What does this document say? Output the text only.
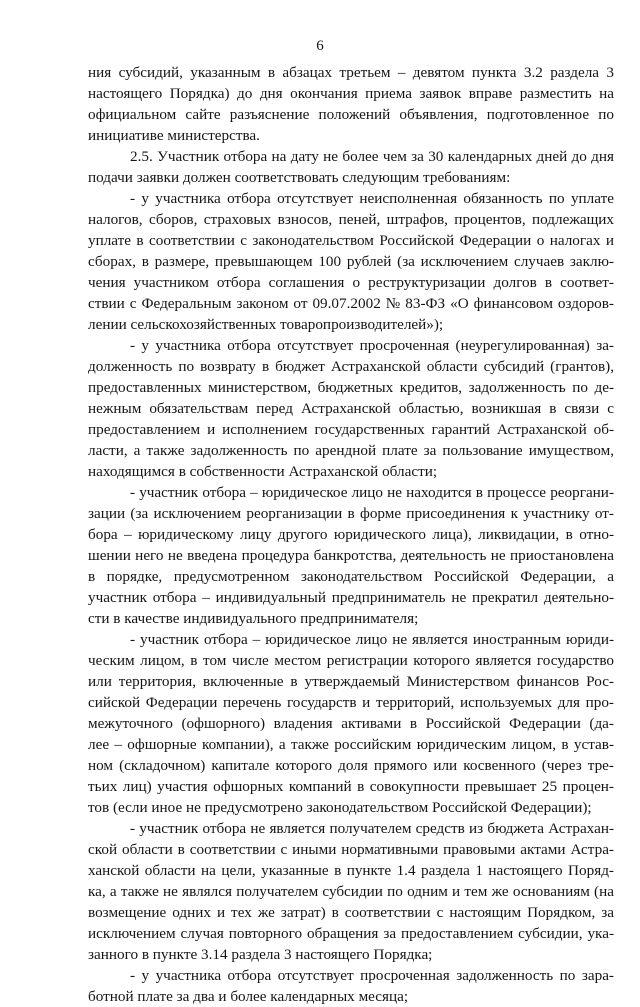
6
ния субсидий, указанным в абзацах третьем – девятом пункта 3.2 раздела 3
настоящего Порядка) до дня окончания приема заявок вправе разместить на
официальном сайте разъяснение положений объявления, подготовленное по
инициативе министерства.
2.5. Участник отбора на дату не более чем за 30 календарных дней до дня
подачи заявки должен соответствовать следующим требованиям:
- у участника отбора отсутствует неисполненная обязанность по уплате
налогов, сборов, страховых взносов, пеней, штрафов, процентов, подлежащих
уплате в соответствии с законодательством Российской Федерации о налогах и
сборах, в размере, превышающем 100 рублей (за исключением случаев заклю-
чения участником отбора соглашения о реструктуризации долгов в соответ-
ствии с Федеральным законом от 09.07.2002 № 83-ФЗ «О финансовом оздоров-
лении сельскохозяйственных товаропроизводителей»);
- у участника отбора отсутствует просроченная (неурегулированная) за-
долженность по возврату в бюджет Астраханской области субсидий (грантов),
предоставленных министерством, бюджетных кредитов, задолженность по де-
нежным обязательствам перед Астраханской областью, возникшая в связи с
предоставлением и исполнением государственных гарантий Астраханской об-
ласти, а также задолженность по арендной плате за пользование имуществом,
находящимся в собственности Астраханской области;
- участник отбора – юридическое лицо не находится в процессе реоргани-
зации (за исключением реорганизации в форме присоединения к участнику от-
бора – юридическому лицу другого юридического лица), ликвидации, в отно-
шении него не введена процедура банкротства, деятельность не приостановлена
в порядке, предусмотренном законодательством Российской Федерации, а
участник отбора – индивидуальный предприниматель не прекратил деятельно-
сти в качестве индивидуального предпринимателя;
- участник отбора – юридическое лицо не является иностранным юриди-
ческим лицом, в том числе местом регистрации которого является государство
или территория, включенные в утверждаемый Министерством финансов Рос-
сийской Федерации перечень государств и территорий, используемых для про-
межуточного (офшорного) владения активами в Российской Федерации (да-
лее – офшорные компании), а также российским юридическим лицом, в устав-
ном (складочном) капитале которого доля прямого или косвенного (через тре-
тьих лиц) участия офшорных компаний в совокупности превышает 25 процен-
тов (если иное не предусмотрено законодательством Российской Федерации);
- участник отбора не является получателем средств из бюджета Астрахан-
ской области в соответствии с иными нормативными правовыми актами Астра-
ханской области на цели, указанные в пункте 1.4 раздела 1 настоящего Поряд-
ка, а также не являлся получателем субсидии по одним и тем же основаниям (на
возмещение одних и тех же затрат) в соответствии с настоящим Порядком, за
исключением случая повторного обращения за предоставлением субсидии, ука-
занного в пункте 3.14 раздела 3 настоящего Порядка;
- у участника отбора отсутствует просроченная задолженность по зара-
ботной плате за два и более календарных месяца;
